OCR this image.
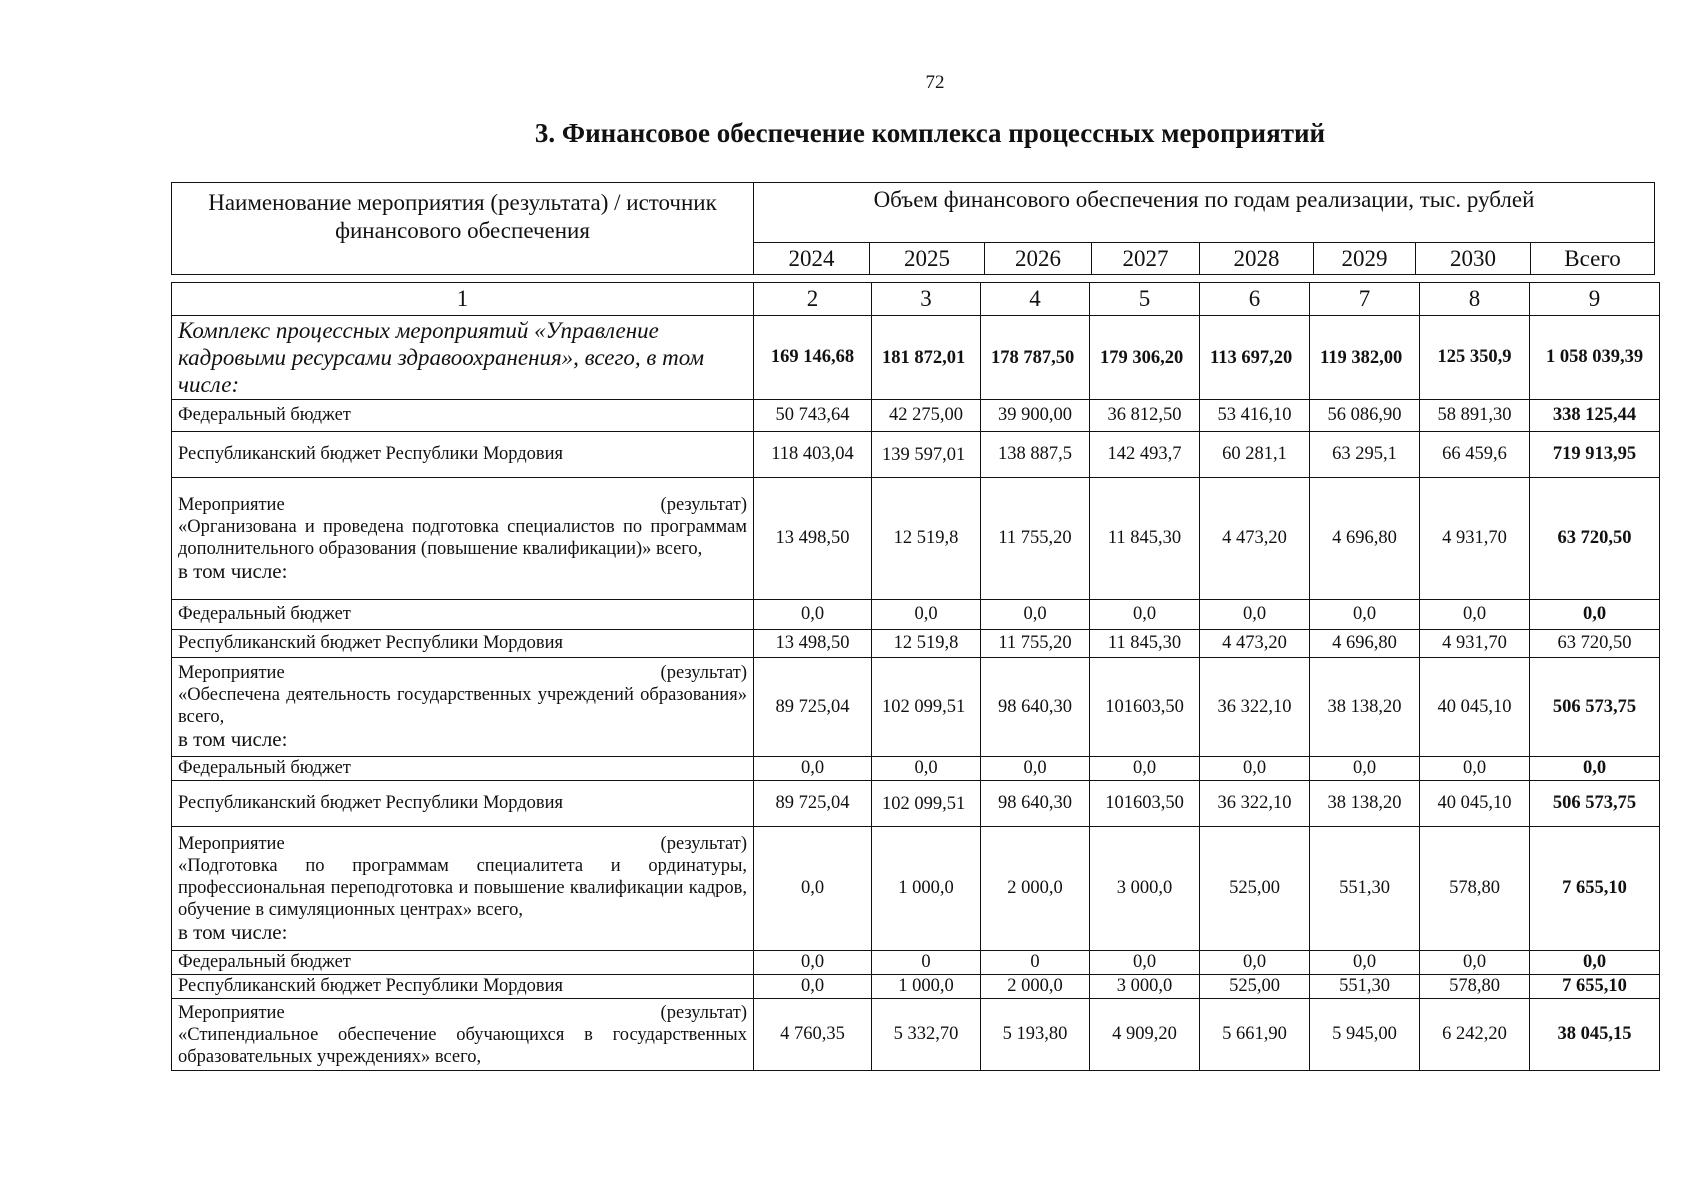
72
3. Финансовое обеспечение комплекса процессных мероприятий
Наименование мероприятия (результата) / источник финансового обеспечения	Объем финансового обеспечения по годам реализации, тыс. рублей							
	2024	2025	2026	2027	2028	2029	2030	Всего
1	2	3	4	5	6	7	8	9
Комплекс процессных мероприятий «Управление кадровыми ресурсами здравоохранения», всего, в том числе:	169 146,68	181 872,01	178 787,50	179 306,20	113 697,20	119 382,00	125 350,9	1 058 039,39
Федеральный бюджет	50 743,64	42 275,00	39 900,00	36 812,50	53 416,10	56 086,90	58 891,30	338 125,44
Республиканский бюджет Республики Мордовия	118 403,04	139 597,01	138 887,5	142 493,7	60 281,1	63 295,1	66 459,6	719 913,95

Мероприятие (результат)
«Организована и проведена подготовка специалистов по программам дополнительного образования (повышение квалификации)» всего,
в том числе:	13 498,50	12 519,8	11 755,20	11 845,30	4 473,20	4 696,80	4 931,70	63 720,50
Федеральный бюджет	0,0	0,0	0,0	0,0	0,0	0,0	0,0	0,0
Республиканский бюджет Республики Мордовия	13 498,50	12 519,8	11 755,20	11 845,30	4 473,20	4 696,80	4 931,70	63 720,50

Мероприятие (результат)
«Обеспечена деятельность государственных учреждений образования» всего,
в том числе:	89 725,04	102 099,51	98 640,30	101603,50	36 322,10	38 138,20	40 045,10	506 573,75
Федеральный бюджет	0,0	0,0	0,0	0,0	0,0	0,0	0,0	0,0
Республиканский бюджет Республики Мордовия	89 725,04	102 099,51	98 640,30	101603,50	36 322,10	38 138,20	40 045,10	506 573,75

Мероприятие (результат)
«Подготовка по программам специалитета и ординатуры, профессиональная переподготовка и повышение квалификации кадров, обучение в симуляционных центрах» всего,
в том числе:	0,0	1 000,0	2 000,0	3 000,0	525,00	551,30	578,80	7 655,10
Федеральный бюджет	0,0	0	0	0,0	0,0	0,0	0,0	0,0
Республиканский бюджет Республики Мордовия	0,0	1 000,0	2 000,0	3 000,0	525,00	551,30	578,80	7 655,10

Мероприятие (результат)
«Стипендиальное обеспечение обучающихся в государственных образовательных учреждениях» всего,	4 760,35	5 332,70	5 193,80	4 909,20	5 661,90	5 945,00	6 242,20	38 045,15
